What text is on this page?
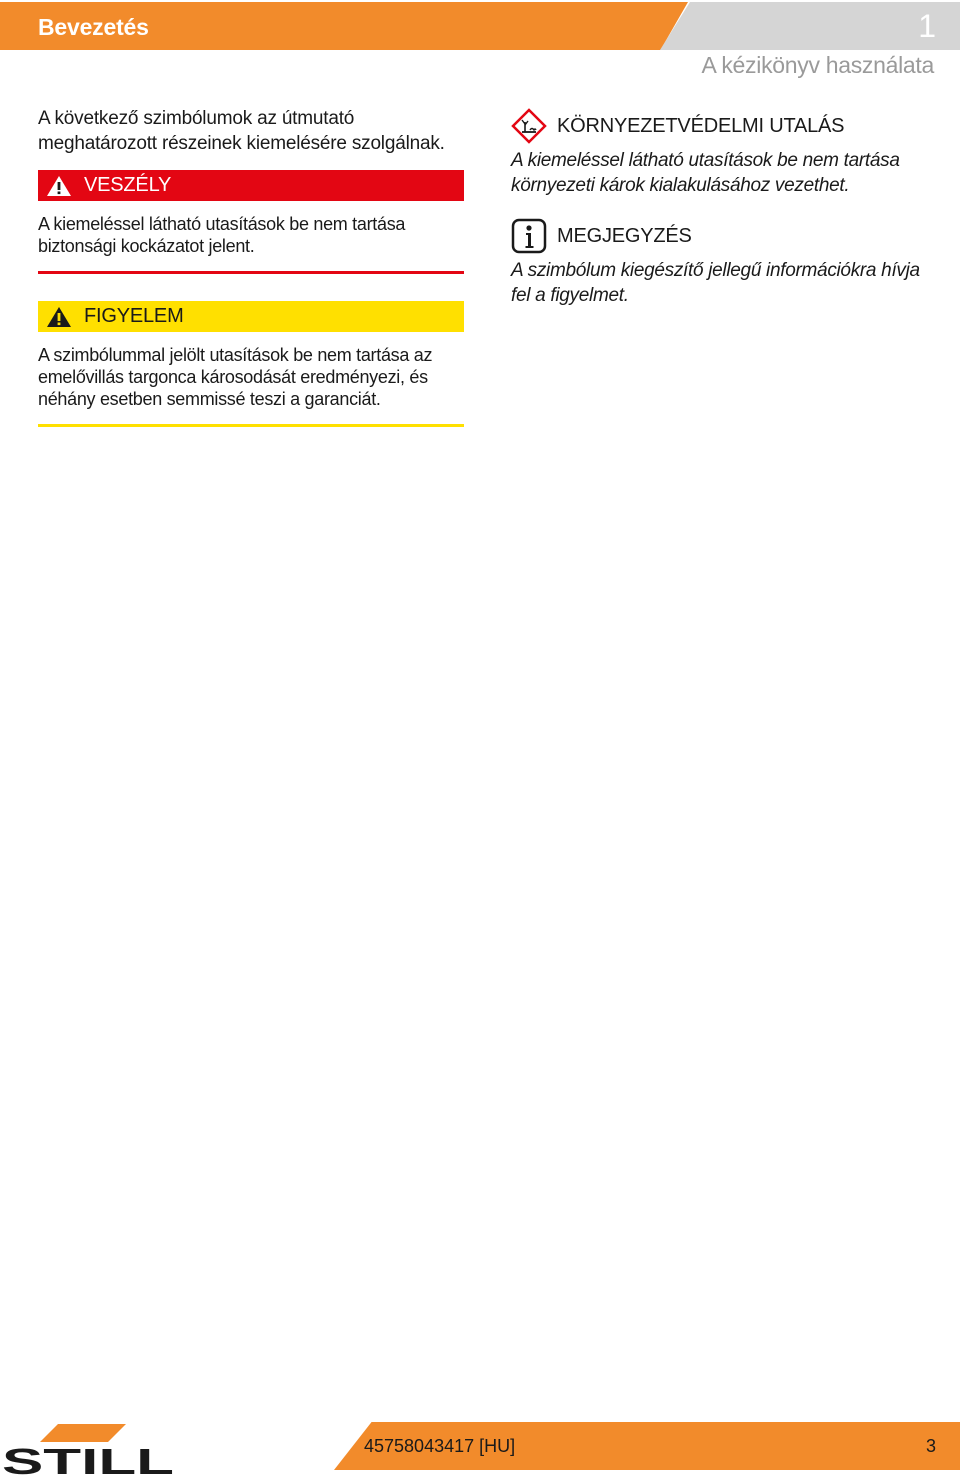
Bevezetés	1
A kézikönyv használata

A következő szimbólumok az útmutató meghatározott részeinek kiemelésére szolgálnak.

VESZÉLY

A kiemeléssel látható utasítások be nem tartása biztonsági kockázatot jelent.

FIGYELEM

A szimbólummal jelölt utasítások be nem tartása az emelővillás targonca károsodását eredményezi, és néhány esetben semmissé teszi a garanciát.

KÖRNYEZETVÉDELMI UTALÁS

A kiemeléssel látható utasítások be nem tartása környezeti károk kialakulásához vezethet.

MEGJEGYZÉS

A szimbólum kiegészítő jellegű információkra hívja fel a figyelmet.

STILL	45758043417 [HU]	3
